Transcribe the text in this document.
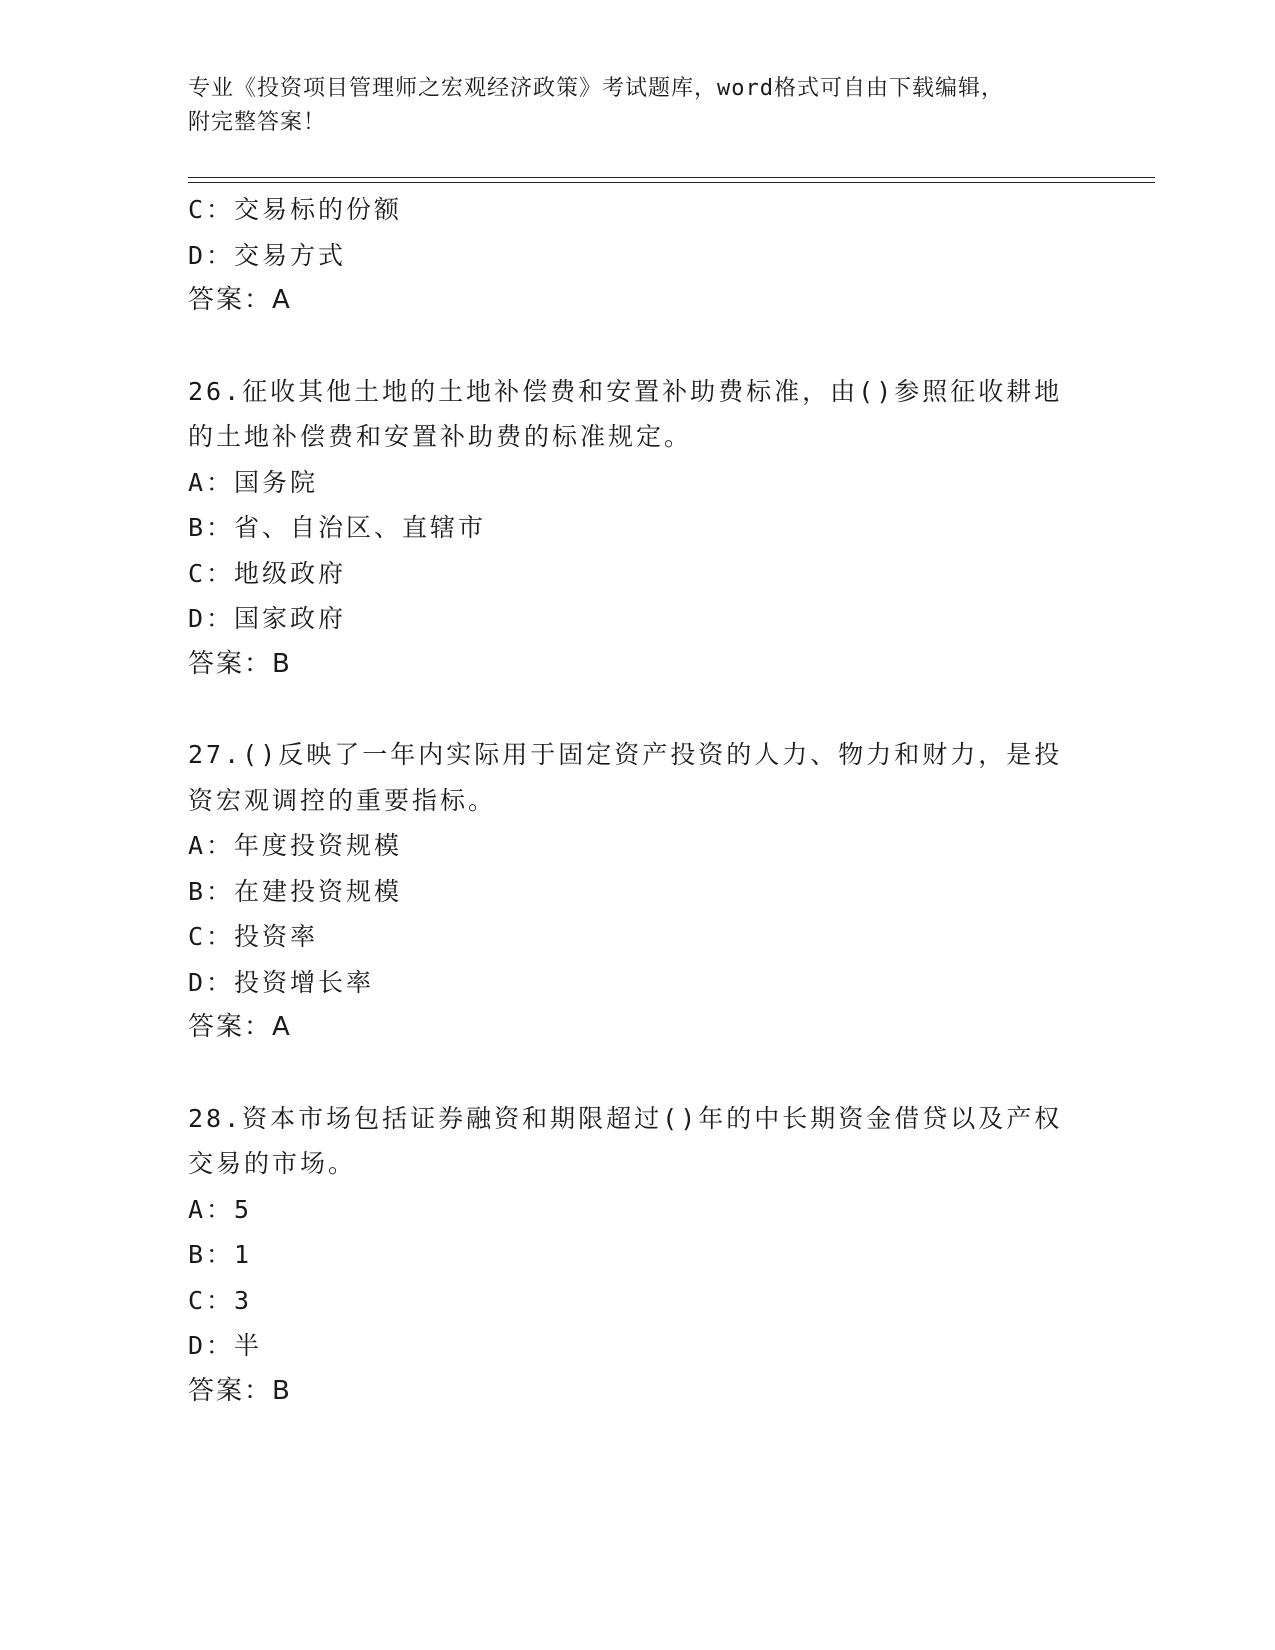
专业《投资项目管理师之宏观经济政策》考试题库，word格式可自由下载编辑，
附完整答案！
C：交易标的份额
D：交易方式
答案：A
26.征收其他土地的土地补偿费和安置补助费标准，由()参照征收耕地
的土地补偿费和安置补助费的标准规定。
A：国务院
B：省、自治区、直辖市
C：地级政府
D：国家政府
答案：B
27.()反映了一年内实际用于固定资产投资的人力、物力和财力，是投
资宏观调控的重要指标。
A：年度投资规模
B：在建投资规模
C：投资率
D：投资增长率
答案：A
28.资本市场包括证券融资和期限超过()年的中长期资金借贷以及产权
交易的市场。
A：5
B：1
C：3
D：半
答案：B
